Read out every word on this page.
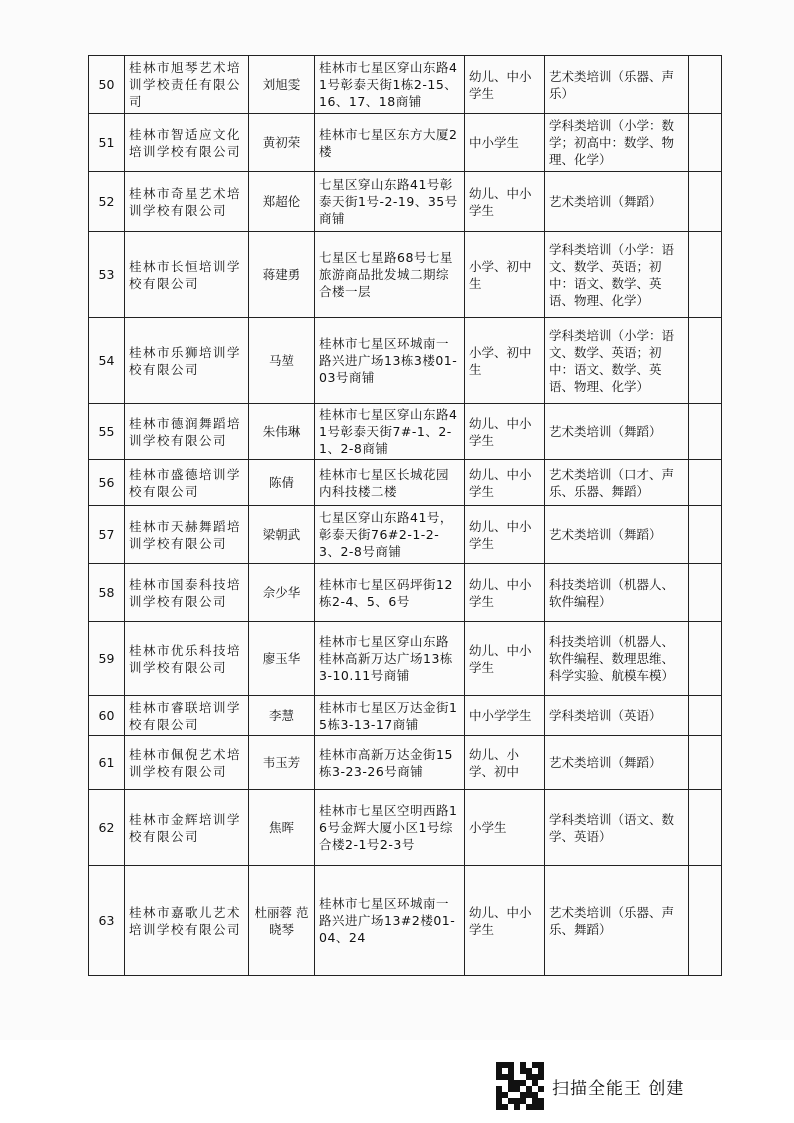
50	桂林市旭琴艺术培训学校责任有限公司	刘旭雯	桂林市七星区穿山东路41号彰泰天街1栋2-15、16、17、18商铺	幼儿、中小学生	艺术类培训（乐器、声乐）	
51	桂林市智适应文化培训学校有限公司	黄初荣	桂林市七星区东方大厦2楼	中小学生	学科类培训（小学：数学；初高中：数学、物理、化学）	
52	桂林市奇星艺术培训学校有限公司	郑超伦	七星区穿山东路41号彰泰天街1号-2-19、35号商铺	幼儿、中小学生	艺术类培训（舞蹈）	
53	桂林市长恒培训学校有限公司	蒋建勇	七星区七星路68号七星旅游商品批发城二期综合楼一层	小学、初中生	学科类培训（小学：语文、数学、英语；初中：语文、数学、英语、物理、化学）	
54	桂林市乐狮培训学校有限公司	马堃	桂林市七星区环城南一路兴进广场13栋3楼01-03号商铺	小学、初中生	学科类培训（小学：语文、数学、英语；初中：语文、数学、英语、物理、化学）	
55	桂林市德润舞蹈培训学校有限公司	朱伟琳	桂林市七星区穿山东路41号彰泰天街7#-1、2-1、2-8商铺	幼儿、中小学生	艺术类培训（舞蹈）	
56	桂林市盛德培训学校有限公司	陈倩	桂林市七星区长城花园内科技楼二楼	幼儿、中小学生	艺术类培训（口才、声乐、乐器、舞蹈）	
57	桂林市天赫舞蹈培训学校有限公司	梁朝武	七星区穿山东路41号，彰泰天街76#2-1-2-3、2-8号商铺	幼儿、中小学生	艺术类培训（舞蹈）	
58	桂林市国泰科技培训学校有限公司	佘少华	桂林市七星区码坪街12栋2-4、5、6号	幼儿、中小学生	科技类培训（机器人、软件编程）	
59	桂林市优乐科技培训学校有限公司	廖玉华	桂林市七星区穿山东路桂林高新万达广场13栋3-10.11号商铺	幼儿、中小学生	科技类培训（机器人、软件编程、数理思维、科学实验、航模车模）	
60	桂林市睿联培训学校有限公司	李慧	桂林市七星区万达金街15栋3-13-17商铺	中小学学生	学科类培训（英语）	
61	桂林市佩倪艺术培训学校有限公司	韦玉芳	桂林市高新万达金街15栋3-23-26号商铺	幼儿、小学、初中	艺术类培训（舞蹈）	
62	桂林市金辉培训学校有限公司	焦晖	桂林市七星区空明西路16号金辉大厦小区1号综合楼2-1号2-3号	小学生	学科类培训（语文、数学、英语）	
63	桂林市嘉歌儿艺术培训学校有限公司	杜丽蓉 范晓琴	桂林市七星区环城南一路兴进广场13#2楼01-04、24	幼儿、中小学生	艺术类培训（乐器、声乐、舞蹈）	
扫描全能王 创建
